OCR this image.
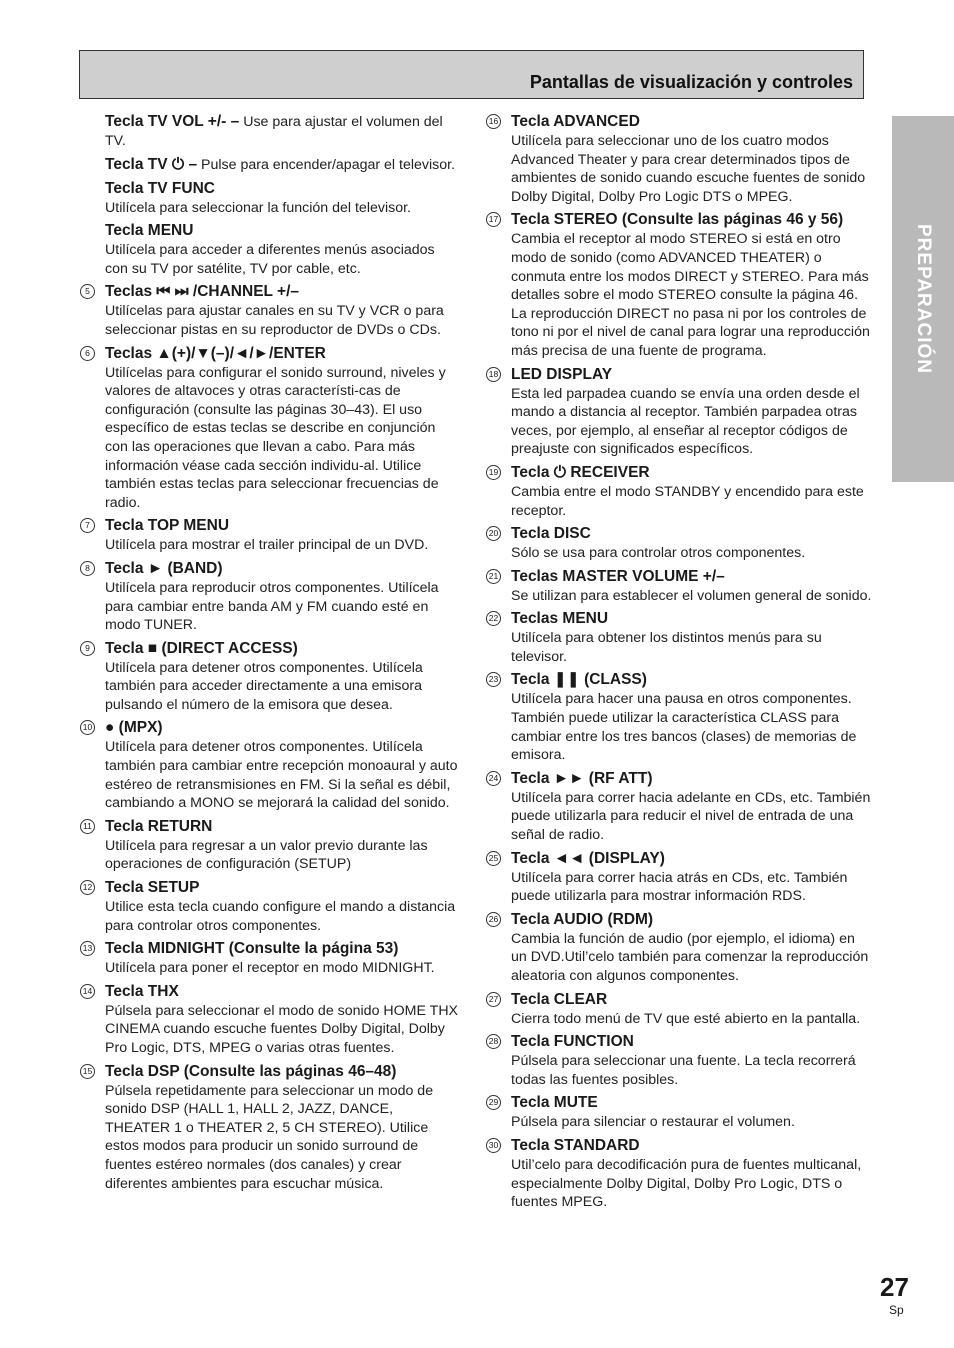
Pantallas de visualización y controles
PREPARACIÓN
Tecla TV VOL +/- – Use para ajustar el volumen del TV.
Tecla TV ⏻ – Pulse para encender/apagar el televisor.
Tecla TV FUNC
Utilícela para seleccionar la función del televisor.
Tecla MENU
Utilícela para acceder a diferentes menús asociados con su TV por satélite, TV por cable, etc.
5 Teclas ⏮ ⏭ /CHANNEL +/–
Utilícelas para ajustar canales en su TV y VCR o para seleccionar pistas en su reproductor de DVDs o CDs.
6 Teclas ▲(+)/▼(–)/◄/►/ENTER
Utilícelas para configurar el sonido surround, niveles y valores de altavoces y otras característi-cas de configuración (consulte las páginas 30–43). El uso específico de estas teclas se describe en conjunción con las operaciones que llevan a cabo. Para más información véase cada sección individu-al. Utilice también estas teclas para seleccionar frecuencias de radio.
7 Tecla TOP MENU
Utilícela para mostrar el trailer principal de un DVD.
8 Tecla ► (BAND)
Utilícela para reproducir otros componentes. Utilícela para cambiar entre banda AM y FM cuando esté en modo TUNER.
9 Tecla ■ (DIRECT ACCESS)
Utilícela para detener otros componentes. Utilícela también para acceder directamente a una emisora pulsando el número de la emisora que desea.
10 ● (MPX)
Utilícela para detener otros componentes. Utilícela también para cambiar entre recepción monoaural y auto estéreo de retransmisiones en FM. Si la señal es débil, cambiando a MONO se mejorará la calidad del sonido.
11 Tecla RETURN
Utilícela para regresar a un valor previo durante las operaciones de configuración (SETUP)
12 Tecla SETUP
Utilice esta tecla cuando configure el mando a distancia para controlar otros componentes.
13 Tecla MIDNIGHT (Consulte la página 53)
Utilícela para poner el receptor en modo MIDNIGHT.
14 Tecla THX
Púlsela para seleccionar el modo de sonido HOME THX CINEMA cuando escuche fuentes Dolby Digital, Dolby Pro Logic, DTS, MPEG o varias otras fuentes.
15 Tecla DSP (Consulte las páginas 46–48)
Púlsela repetidamente para seleccionar un modo de sonido DSP (HALL 1, HALL 2, JAZZ, DANCE, THEATER 1 o THEATER 2, 5 CH STEREO). Utilice estos modos para producir un sonido surround de fuentes estéreo normales (dos canales) y crear diferentes ambientes para escuchar música.
16 Tecla ADVANCED
Utilícela para seleccionar uno de los cuatro modos Advanced Theater y para crear determinados tipos de ambientes de sonido cuando escuche fuentes de sonido Dolby Digital, Dolby Pro Logic DTS o MPEG.
17 Tecla STEREO (Consulte las páginas 46 y 56)
Cambia el receptor al modo STEREO si está en otro modo de sonido (como ADVANCED THEATER) o conmuta entre los modos DIRECT y STEREO. Para más detalles sobre el modo STEREO consulte la página 46. La reproducción DIRECT no pasa ni por los controles de tono ni por el nivel de canal para lograr una reproducción más precisa de una fuente de programa.
18 LED DISPLAY
Esta led parpadea cuando se envía una orden desde el mando a distancia al receptor. También parpadea otras veces, por ejemplo, al enseñar al receptor códigos de preajuste con significados específicos.
19 Tecla ⏻ RECEIVER
Cambia entre el modo STANDBY y encendido para este receptor.
20 Tecla DISC
Sólo se usa para controlar otros componentes.
21 Teclas MASTER VOLUME +/–
Se utilizan para establecer el volumen general de sonido.
22 Teclas MENU
Utilícela para obtener los distintos menús para su televisor.
23 Tecla ❚❚ (CLASS)
Utilícela para hacer una pausa en otros componentes. También puede utilizar la característica CLASS para cambiar entre los tres bancos (clases) de memorias de emisora.
24 Tecla ►► (RF ATT)
Utilícela para correr hacia adelante en CDs, etc. También puede utilizarla para reducir el nivel de entrada de una señal de radio.
25 Tecla ◄◄ (DISPLAY)
Utilícela para correr hacia atrás en CDs, etc. También puede utilizarla para mostrar información RDS.
26 Tecla AUDIO (RDM)
Cambia la función de audio (por ejemplo, el idioma) en un DVD.Util’celo también para comenzar la reproducción aleatoria con algunos componentes.
27 Tecla CLEAR
Cierra todo menú de TV que esté abierto en la pantalla.
28 Tecla FUNCTION
Púlsela para seleccionar una fuente. La tecla recorrerá todas las fuentes posibles.
29 Tecla MUTE
Púlsela para silenciar o restaurar el volumen.
30 Tecla STANDARD
Util’celo para decodificación pura de fuentes multicanal, especialmente Dolby Digital, Dolby Pro Logic, DTS o fuentes MPEG.
27
Sp
